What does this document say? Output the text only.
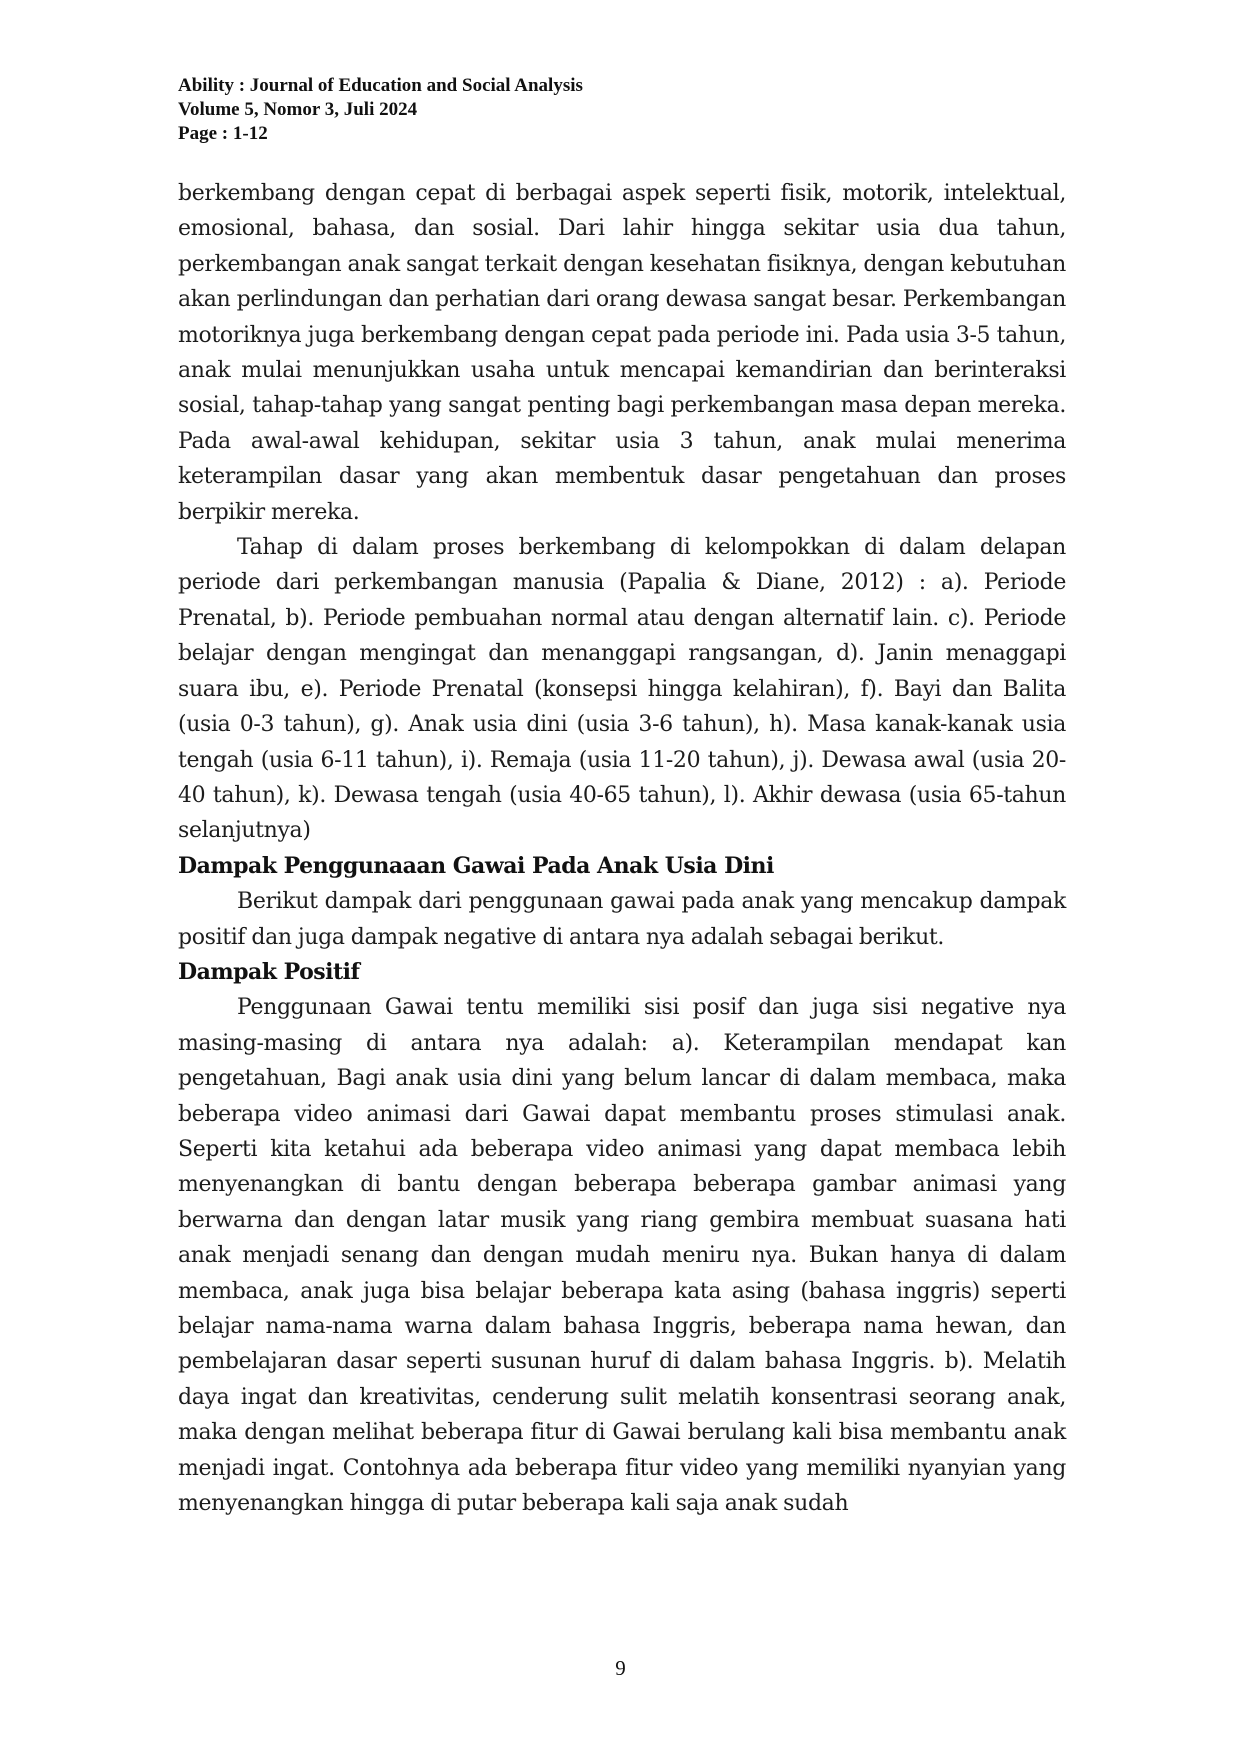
Ability : Journal of Education and Social Analysis
Volume 5, Nomor 3, Juli 2024
Page : 1-12

berkembang dengan cepat di berbagai aspek seperti fisik, motorik, intelektual, emosional, bahasa, dan sosial. Dari lahir hingga sekitar usia dua tahun, perkembangan anak sangat terkait dengan kesehatan fisiknya, dengan kebutuhan akan perlindungan dan perhatian dari orang dewasa sangat besar. Perkembangan motoriknya juga berkembang dengan cepat pada periode ini. Pada usia 3-5 tahun, anak mulai menunjukkan usaha untuk mencapai kemandirian dan berinteraksi sosial, tahap-tahap yang sangat penting bagi perkembangan masa depan mereka. Pada awal-awal kehidupan, sekitar usia 3 tahun, anak mulai menerima keterampilan dasar yang akan membentuk dasar pengetahuan dan proses berpikir mereka.

Tahap di dalam proses berkembang di kelompokkan di dalam delapan periode dari perkembangan manusia (Papalia & Diane, 2012) : a). Periode Prenatal, b). Periode pembuahan normal atau dengan alternatif lain. c). Periode belajar dengan mengingat dan menanggapi rangsangan, d). Janin menaggapi suara ibu, e). Periode Prenatal (konsepsi hingga kelahiran), f). Bayi dan Balita (usia 0-3 tahun), g). Anak usia dini (usia 3-6 tahun), h). Masa kanak-kanak usia tengah (usia 6-11 tahun), i). Remaja (usia 11-20 tahun), j). Dewasa awal (usia 20-40 tahun), k). Dewasa tengah (usia 40-65 tahun), l). Akhir dewasa (usia 65-tahun selanjutnya)

Dampak Penggunaaan Gawai Pada Anak Usia Dini

Berikut dampak dari penggunaan gawai pada anak yang mencakup dampak positif dan juga dampak negative di antara nya adalah sebagai berikut.

Dampak Positif

Penggunaan Gawai tentu memiliki sisi posif dan juga sisi negative nya masing-masing di antara nya adalah: a). Keterampilan mendapat kan pengetahuan, Bagi anak usia dini yang belum lancar di dalam membaca, maka beberapa video animasi dari Gawai dapat membantu proses stimulasi anak. Seperti kita ketahui ada beberapa video animasi yang dapat membaca lebih menyenangkan di bantu dengan beberapa beberapa gambar animasi yang berwarna dan dengan latar musik yang riang gembira membuat suasana hati anak menjadi senang dan dengan mudah meniru nya. Bukan hanya di dalam membaca, anak juga bisa belajar beberapa kata asing (bahasa inggris) seperti belajar nama-nama warna dalam bahasa Inggris, beberapa nama hewan, dan pembelajaran dasar seperti susunan huruf di dalam bahasa Inggris. b). Melatih daya ingat dan kreativitas, cenderung sulit melatih konsentrasi seorang anak, maka dengan melihat beberapa fitur di Gawai berulang kali bisa membantu anak menjadi ingat. Contohnya ada beberapa fitur video yang memiliki nyanyian yang menyenangkan hingga di putar beberapa kali saja anak sudah

9
